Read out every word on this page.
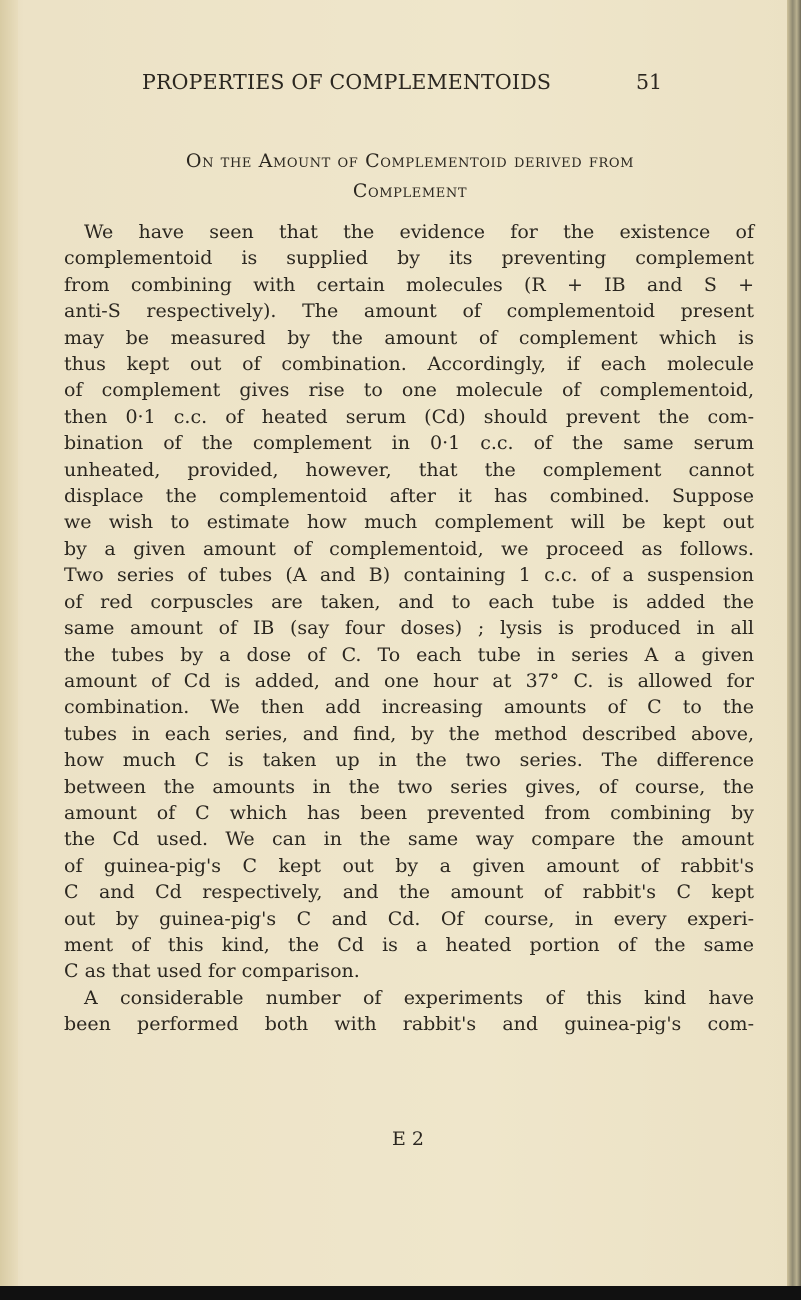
PROPERTIES OF COMPLEMENTOIDS	51
On the Amount of Complementoid derived from
Complement
We have seen that the evidence for the existence of
complementoid is supplied by its preventing complement
from combining with certain molecules (R + IB and S +
anti-S respectively). The amount of complementoid present
may be measured by the amount of complement which is
thus kept out of combination. Accordingly, if each molecule
of complement gives rise to one molecule of complementoid,
then 0·1 c.c. of heated serum (Cd) should prevent the com-
bination of the complement in 0·1 c.c. of the same serum
unheated, provided, however, that the complement cannot
displace the complementoid after it has combined. Suppose
we wish to estimate how much complement will be kept out
by a given amount of complementoid, we proceed as follows.
Two series of tubes (A and B) containing 1 c.c. of a suspension
of red corpuscles are taken, and to each tube is added the
same amount of IB (say four doses) ; lysis is produced in all
the tubes by a dose of C. To each tube in series A a given
amount of Cd is added, and one hour at 37° C. is allowed for
combination. We then add increasing amounts of C to the
tubes in each series, and find, by the method described above,
how much C is taken up in the two series. The difference
between the amounts in the two series gives, of course, the
amount of C which has been prevented from combining by
the Cd used. We can in the same way compare the amount
of guinea-pig's C kept out by a given amount of rabbit's
C and Cd respectively, and the amount of rabbit's C kept
out by guinea-pig's C and Cd. Of course, in every experi-
ment of this kind, the Cd is a heated portion of the same
C as that used for comparison.
A considerable number of experiments of this kind have
been performed both with rabbit's and guinea-pig's com-
E 2
